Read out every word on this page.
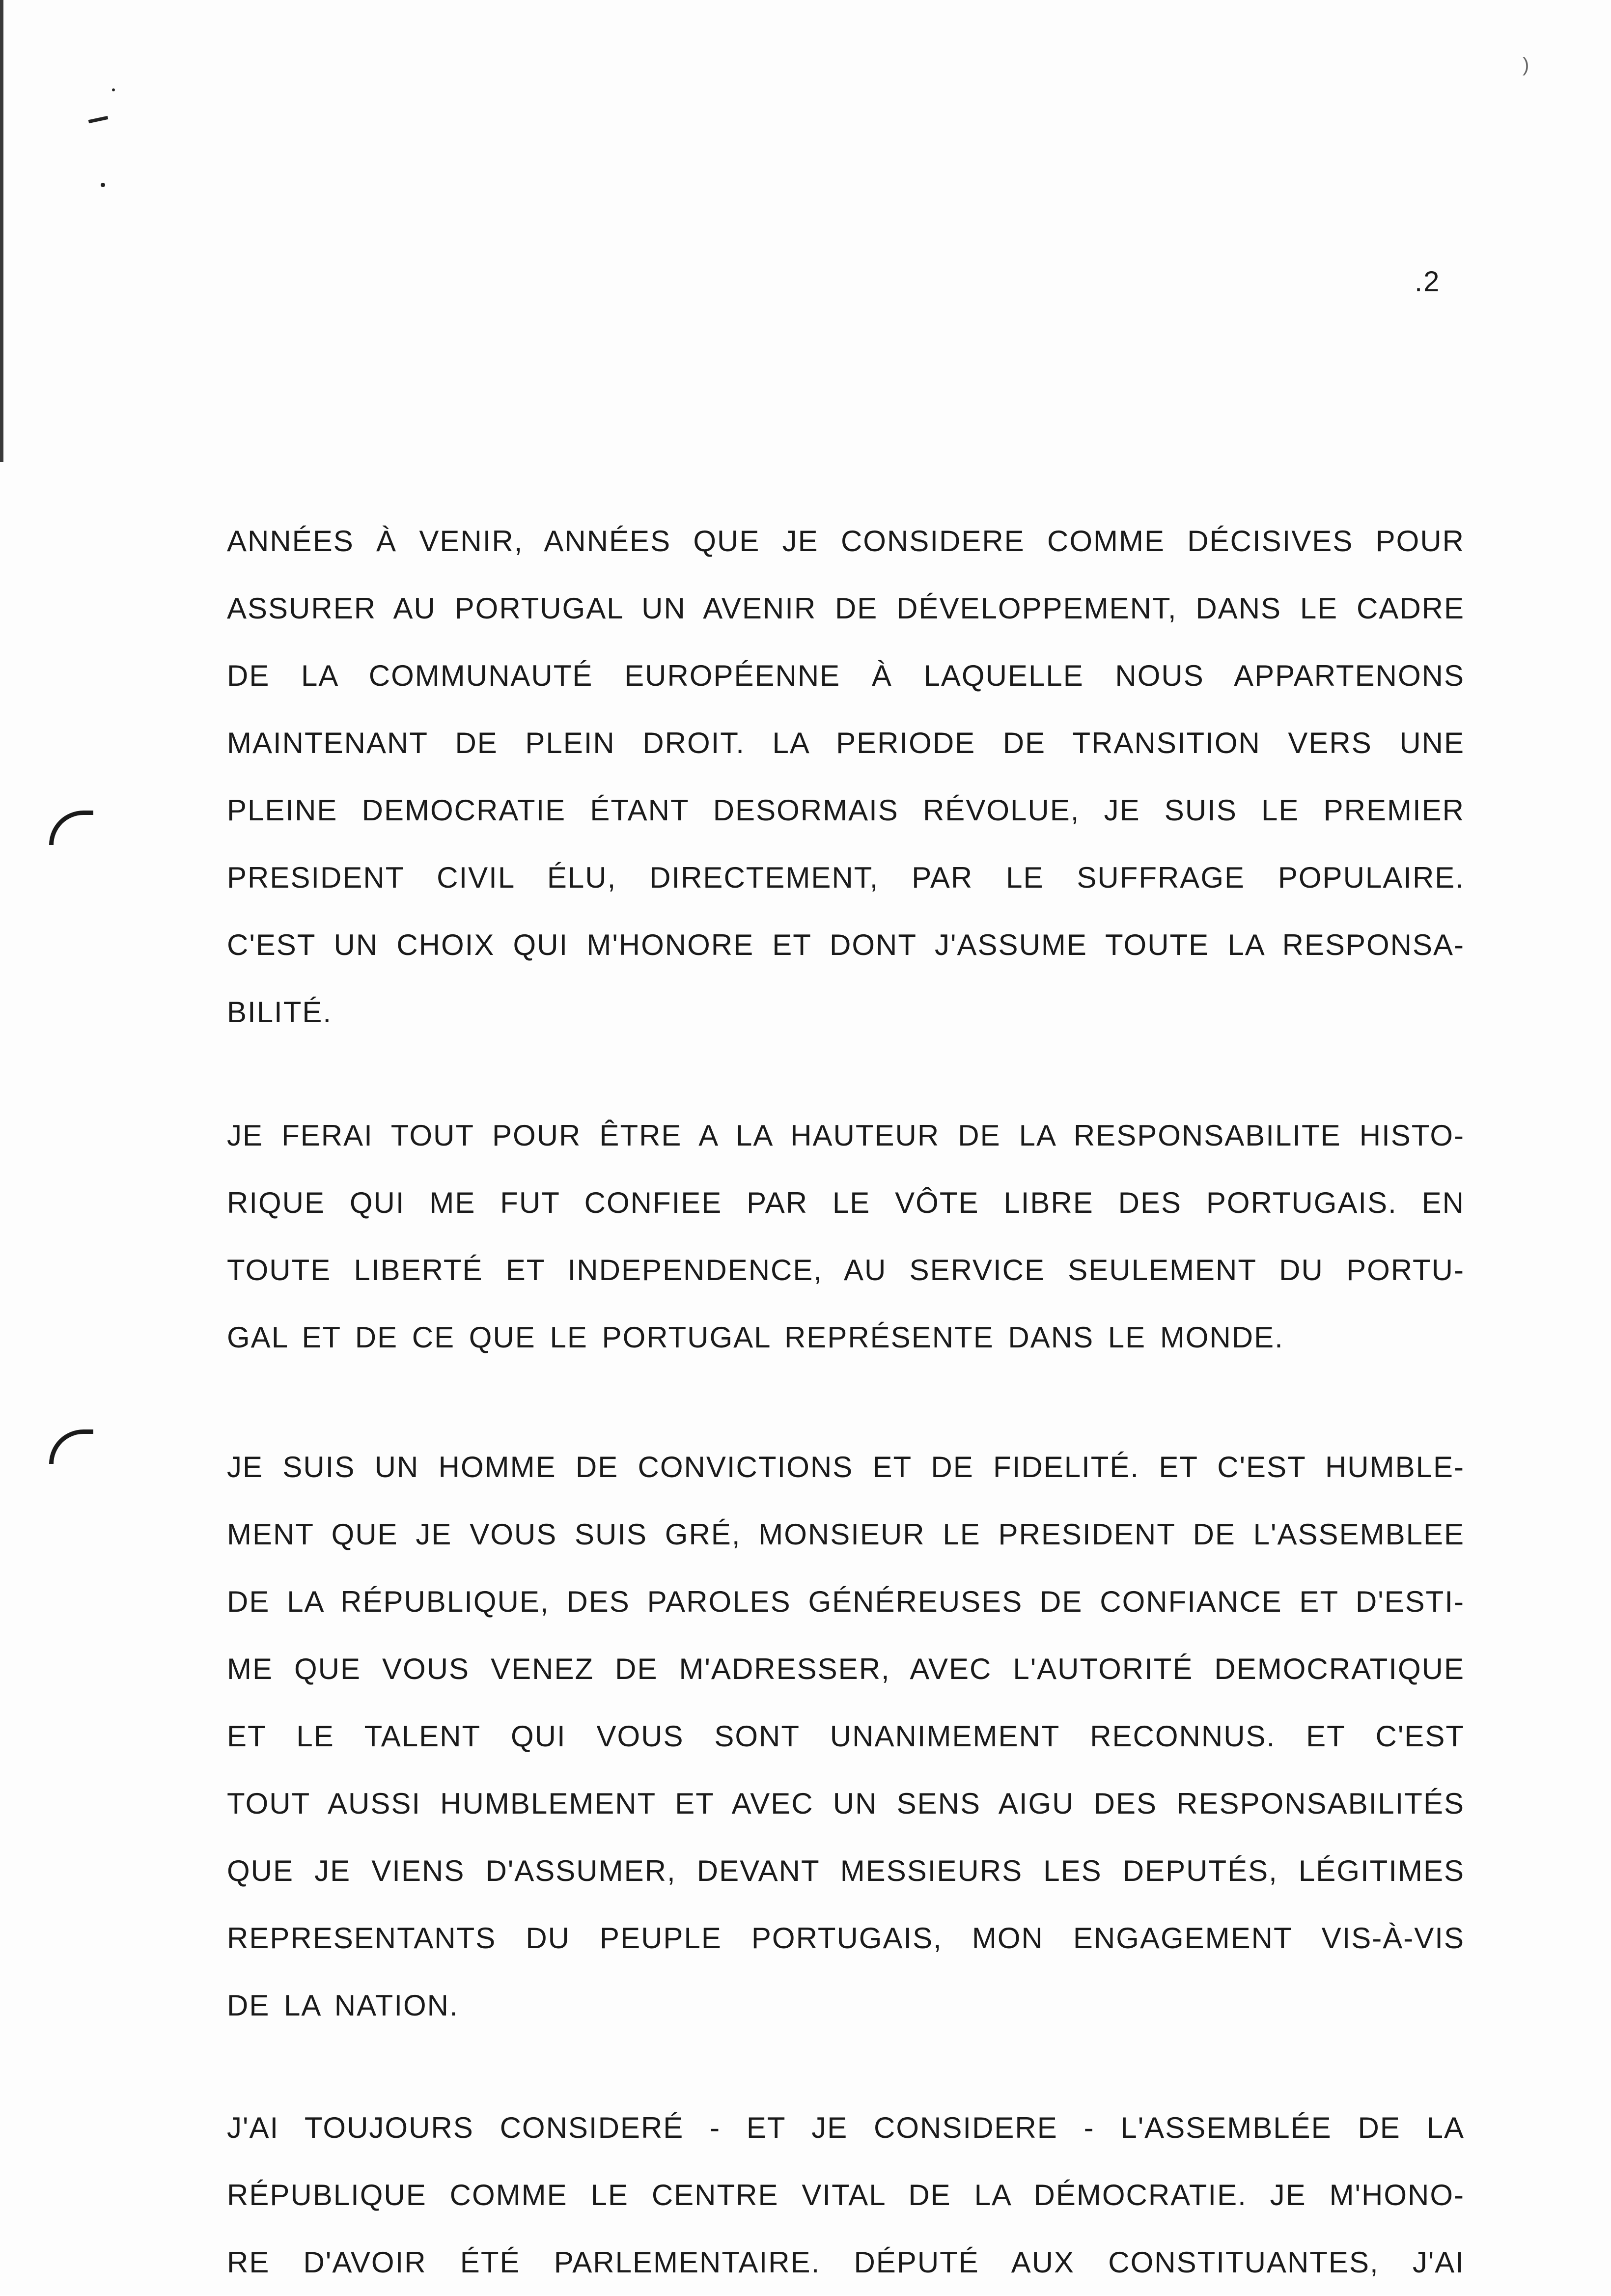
)
.2
ANNÉES À VENIR, ANNÉES QUE JE CONSIDERE COMME DÉCISIVES POUR
ASSURER AU PORTUGAL UN AVENIR DE DÉVELOPPEMENT, DANS LE CADRE
DE LA COMMUNAUTÉ EUROPÉENNE À LAQUELLE NOUS APPARTENONS
MAINTENANT DE PLEIN DROIT. LA PERIODE DE TRANSITION VERS UNE
PLEINE DEMOCRATIE ÉTANT DESORMAIS RÉVOLUE, JE SUIS LE PREMIER
PRESIDENT CIVIL ÉLU, DIRECTEMENT, PAR LE SUFFRAGE POPULAIRE.
C'EST UN CHOIX QUI M'HONORE ET DONT J'ASSUME TOUTE LA RESPONSA-
BILITÉ.
JE FERAI TOUT POUR ÊTRE A LA HAUTEUR DE LA RESPONSABILITE HISTO-
RIQUE QUI ME FUT CONFIEE PAR LE VÔTE LIBRE DES PORTUGAIS. EN
TOUTE LIBERTÉ ET INDEPENDENCE, AU SERVICE SEULEMENT DU PORTU-
GAL ET DE CE QUE LE PORTUGAL REPRÉSENTE DANS LE MONDE.
JE SUIS UN HOMME DE CONVICTIONS ET DE FIDELITÉ. ET C'EST HUMBLE-
MENT QUE JE VOUS SUIS GRÉ, MONSIEUR LE PRESIDENT DE L'ASSEMBLEE
DE LA RÉPUBLIQUE, DES PAROLES GÉNÉREUSES DE CONFIANCE ET D'ESTI-
ME QUE VOUS VENEZ DE M'ADRESSER, AVEC L'AUTORITÉ DEMOCRATIQUE
ET LE TALENT QUI VOUS SONT UNANIMEMENT RECONNUS. ET C'EST
TOUT AUSSI HUMBLEMENT ET AVEC UN SENS AIGU DES RESPONSABILITÉS
QUE JE VIENS D'ASSUMER, DEVANT MESSIEURS LES DEPUTÉS, LÉGITIMES
REPRESENTANTS DU PEUPLE PORTUGAIS, MON ENGAGEMENT VIS-À-VIS
DE LA NATION.
J'AI TOUJOURS CONSIDERÉ - ET JE CONSIDERE - L'ASSEMBLÉE DE LA
RÉPUBLIQUE COMME LE CENTRE VITAL DE LA DÉMOCRATIE. JE M'HONO-
RE D'AVOIR ÉTÉ PARLEMENTAIRE. DÉPUTÉ AUX CONSTITUANTES, J'AI
